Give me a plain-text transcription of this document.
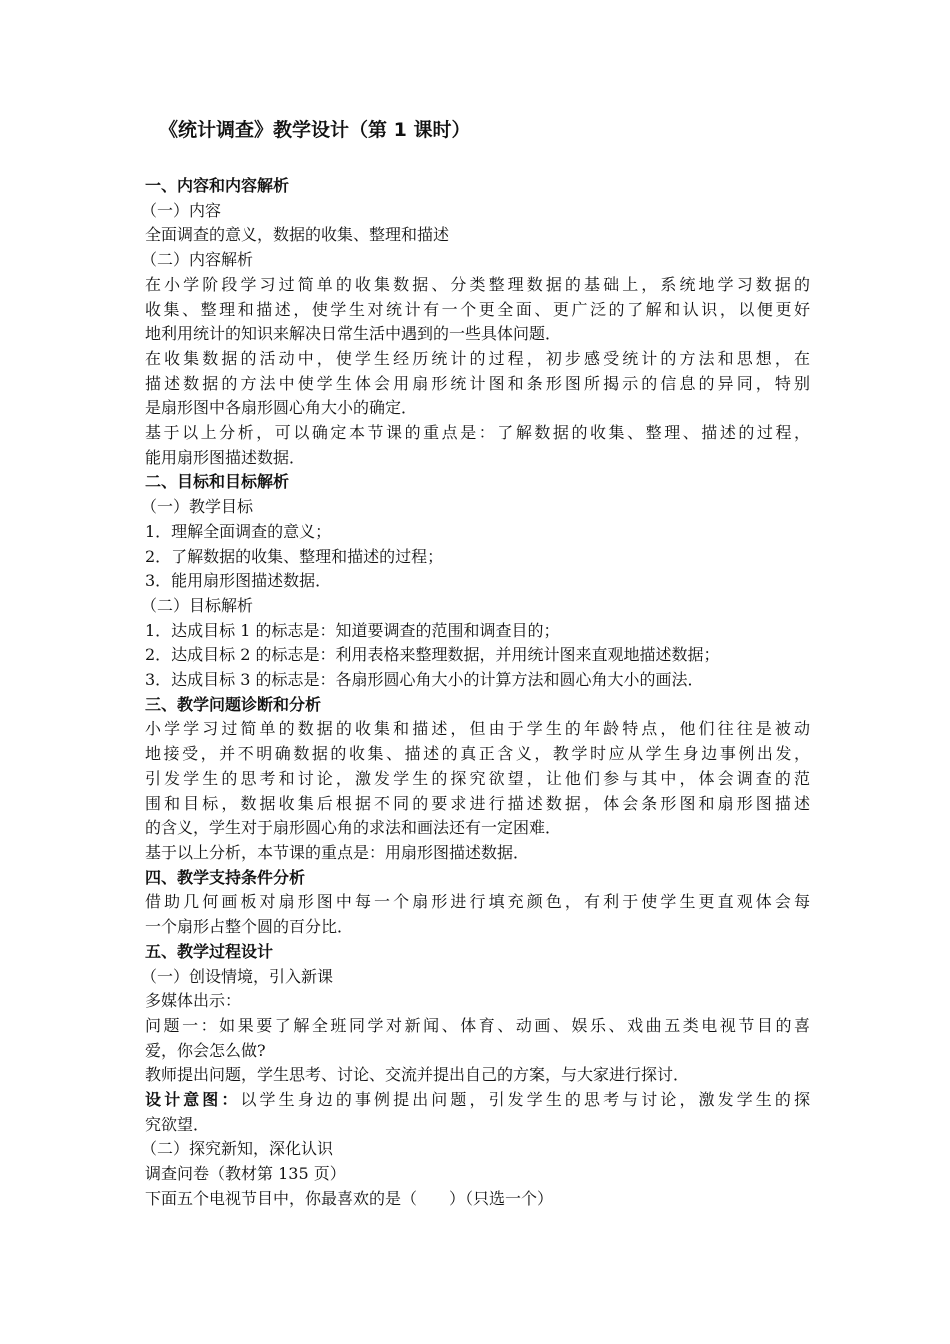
《统计调查》教学设计（第 1 课时）
一、内容和内容解析
（一）内容
全面调查的意义，数据的收集、整理和描述
（二）内容解析
在小学阶段学习过简单的收集数据、分类整理数据的基础上，系统地学习数据的
收集、整理和描述，使学生对统计有一个更全面、更广泛的了解和认识，以便更好
地利用统计的知识来解决日常生活中遇到的一些具体问题．
在收集数据的活动中，使学生经历统计的过程，初步感受统计的方法和思想，在
描述数据的方法中使学生体会用扇形统计图和条形图所揭示的信息的异同，特别
是扇形图中各扇形圆心角大小的确定．
基于以上分析，可以确定本节课的重点是：了解数据的收集、整理、描述的过程，
能用扇形图描述数据．
二、目标和目标解析
（一）教学目标
1．理解全面调查的意义；
2．了解数据的收集、整理和描述的过程；
3．能用扇形图描述数据．
（二）目标解析
1．达成目标 1 的标志是：知道要调查的范围和调查目的；
2．达成目标 2 的标志是：利用表格来整理数据，并用统计图来直观地描述数据；
3．达成目标 3 的标志是：各扇形圆心角大小的计算方法和圆心角大小的画法．
三、教学问题诊断和分析
小学学习过简单的数据的收集和描述，但由于学生的年龄特点，他们往往是被动
地接受，并不明确数据的收集、描述的真正含义，教学时应从学生身边事例出发，
引发学生的思考和讨论，激发学生的探究欲望，让他们参与其中，体会调查的范
围和目标，数据收集后根据不同的要求进行描述数据，体会条形图和扇形图描述
的含义，学生对于扇形圆心角的求法和画法还有一定困难．
基于以上分析，本节课的重点是：用扇形图描述数据．
四、教学支持条件分析
借助几何画板对扇形图中每一个扇形进行填充颜色，有利于使学生更直观体会每
一个扇形占整个圆的百分比．
五、教学过程设计
（一）创设情境，引入新课
多媒体出示：
问题一：如果要了解全班同学对新闻、体育、动画、娱乐、戏曲五类电视节目的喜
爱，你会怎么做?
教师提出问题，学生思考、讨论、交流并提出自己的方案，与大家进行探讨．
设计意图：以学生身边的事例提出问题，引发学生的思考与讨论，激发学生的探
究欲望．
（二）探究新知，深化认识
调查问卷（教材第 135 页）
下面五个电视节目中，你最喜欢的是（　　）（只选一个）
